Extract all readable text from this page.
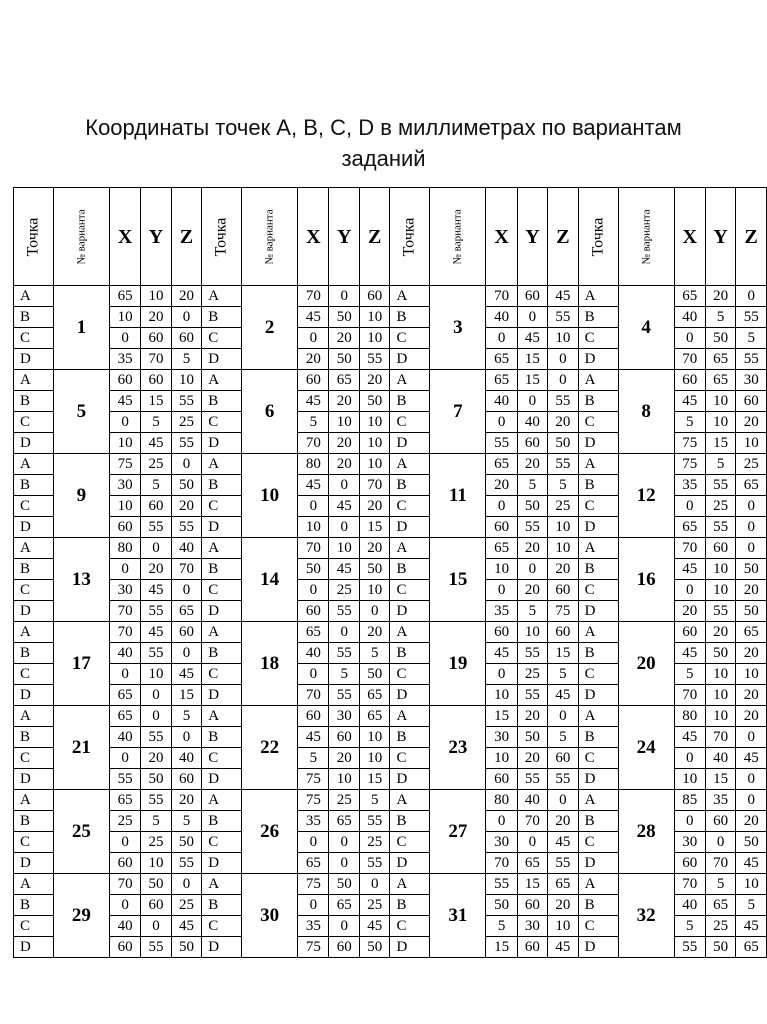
Координаты точек A, B, C, D в миллиметрах по вариантам
заданий
Точка	№ варианта	X	Y	Z	Точка	№ варианта	X	Y	Z	Точка	№ варианта	X	Y	Z	Точка	№ варианта	X	Y	Z
A	1	65	10	20	A	2	70	0	60	A	3	70	60	45	A	4	65	20	0
B		10	20	0	B		45	50	10	B		40	0	55	B		40	5	55
C		0	60	60	C		0	20	10	C		0	45	10	C		0	50	5
D		35	70	5	D		20	50	55	D		65	15	0	D		70	65	55
A	5	60	60	10	A	6	60	65	20	A	7	65	15	0	A	8	60	65	30
B		45	15	55	B		45	20	50	B		40	0	55	B		45	10	60
C		0	5	25	C		5	10	10	C		0	40	20	C		5	10	20
D		10	45	55	D		70	20	10	D		55	60	50	D		75	15	10
A	9	75	25	0	A	10	80	20	10	A	11	65	20	55	A	12	75	5	25
B		30	5	50	B		45	0	70	B		20	5	5	B		35	55	65
C		10	60	20	C		0	45	20	C		0	50	25	C		0	25	0
D		60	55	55	D		10	0	15	D		60	55	10	D		65	55	0
A	13	80	0	40	A	14	70	10	20	A	15	65	20	10	A	16	70	60	0
B		0	20	70	B		50	45	50	B		10	0	20	B		45	10	50
C		30	45	0	C		0	25	10	C		0	20	60	C		0	10	20
D		70	55	65	D		60	55	0	D		35	5	75	D		20	55	50
A	17	70	45	60	A	18	65	0	20	A	19	60	10	60	A	20	60	20	65
B		40	55	0	B		40	55	5	B		45	55	15	B		45	50	20
C		0	10	45	C		0	5	50	C		0	25	5	C		5	10	10
D		65	0	15	D		70	55	65	D		10	55	45	D		70	10	20
A	21	65	0	5	A	22	60	30	65	A	23	15	20	0	A	24	80	10	20
B		40	55	0	B		45	60	10	B		30	50	5	B		45	70	0
C		0	20	40	C		5	20	10	C		10	20	60	C		0	40	45
D		55	50	60	D		75	10	15	D		60	55	55	D		10	15	0
A	25	65	55	20	A	26	75	25	5	A	27	80	40	0	A	28	85	35	0
B		25	5	5	B		35	65	55	B		0	70	20	B		0	60	20
C		0	25	50	C		0	0	25	C		30	0	45	C		30	0	50
D		60	10	55	D		65	0	55	D		70	65	55	D		60	70	45
A	29	70	50	0	A	30	75	50	0	A	31	55	15	65	A	32	70	5	10
B		0	60	25	B		0	65	25	B		50	60	20	B		40	65	5
C		40	0	45	C		35	0	45	C		5	30	10	C		5	25	45
D		60	55	50	D		75	60	50	D		15	60	45	D		55	50	65
